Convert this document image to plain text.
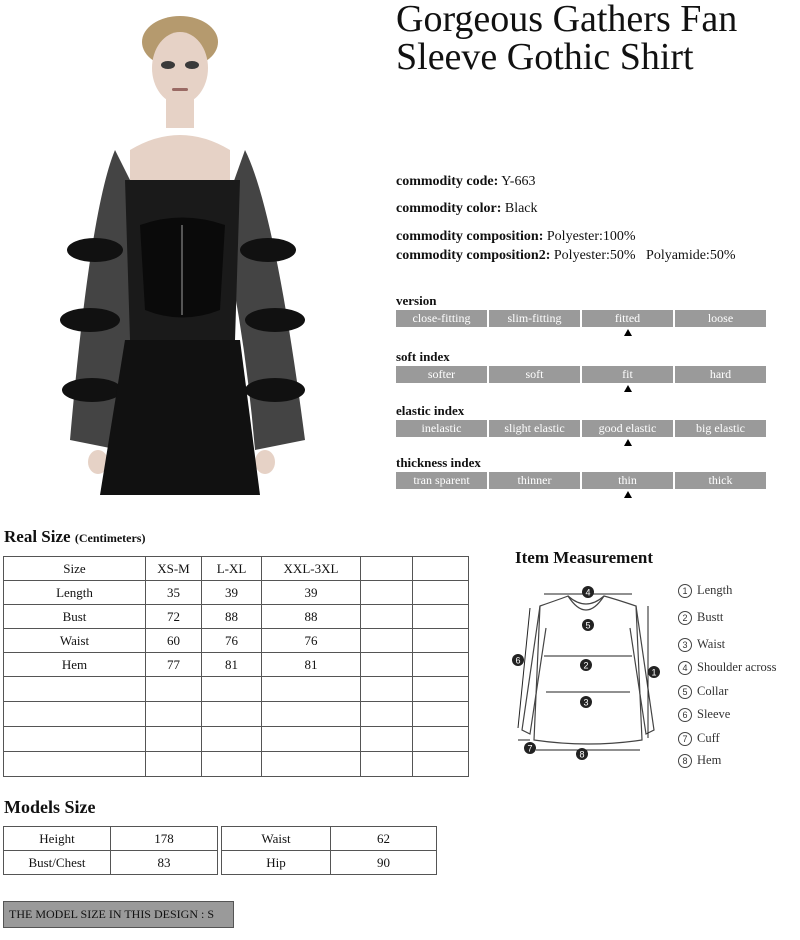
Gorgeous Gathers Fan Sleeve Gothic Shirt
commodity code: Y-663
commodity color: Black
commodity composition: Polyester:100%
commodity composition2: Polyester:50%   Polyamide:50%
version
close-fitting	slim-fitting	fitted	loose
soft index
softer	soft	fit	hard
elastic index
inelastic	slight elastic	good elastic	big elastic
thickness index
tran sparent	thinner	thin	thick
Real Size (Centimeters)
Size	XS-M	L-XL	XXL-3XL		
Length	35	39	39		
Bust	72	88	88		
Waist	60	76	76		
Hem	77	81	81		

Models Size
Height	178		Waist	62
Bust/Chest	83		Hip	90
THE MODEL SIZE IN THIS DESIGN : S
Item Measurement
4
5
2
3
1
6
7
8
1 Length
2 Bustt
3 Waist
4 Shoulder across
5 Collar
6 Sleeve
7 Cuff
8 Hem
